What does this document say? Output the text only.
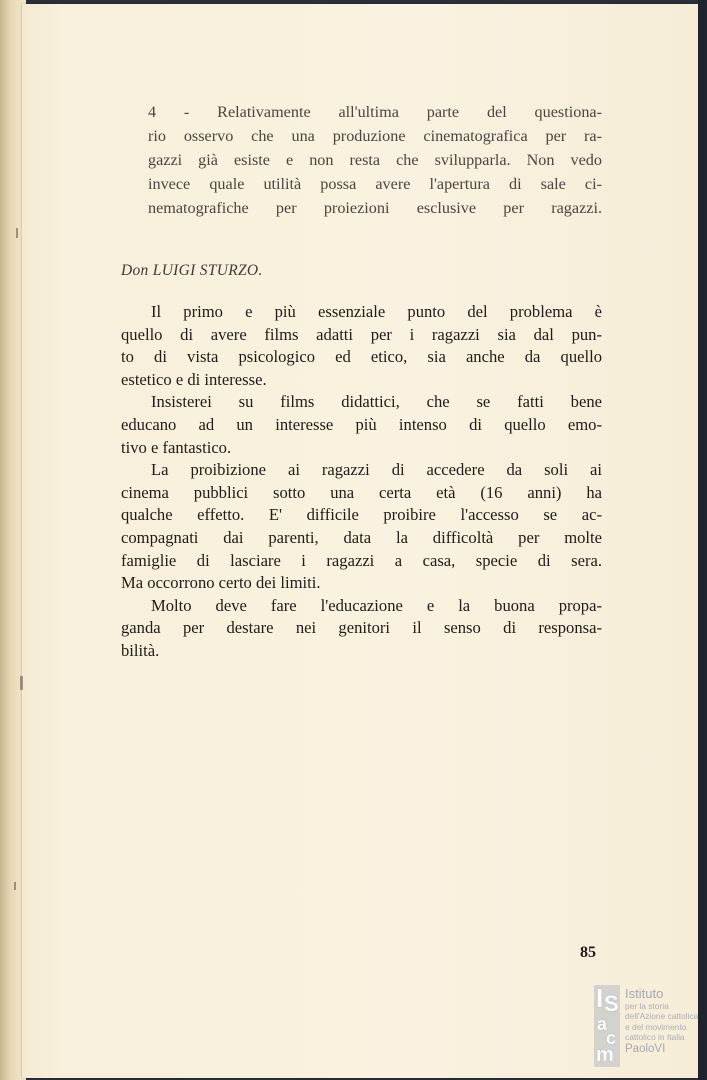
4 - Relativamente all'ultima parte del questiona-
rio osservo che una produzione cinematografica per ra-
gazzi già esiste e non resta che svilupparla. Non vedo
invece quale utilità possa avere l'apertura di sale ci-
nematografiche per proiezioni esclusive per ragazzi.
Don LUIGI STURZO.
Il primo e più essenziale punto del problema è
quello di avere films adatti per i ragazzi sia dal pun-
to di vista psicologico ed etico, sia anche da quello
estetico e di interesse.
Insisterei su films didattici, che se fatti bene
educano ad un interesse più intenso di quello emo-
tivo e fantastico.
La proibizione ai ragazzi di accedere da soli ai
cinema pubblici sotto una certa età (16 anni) ha
qualche effetto. E' difficile proibire l'accesso se ac-
compagnati dai parenti, data la difficoltà per molte
famiglie di lasciare i ragazzi a casa, specie di sera.
Ma occorrono certo dei limiti.
Molto deve fare l'educazione e la buona propa-
ganda per destare nei genitori il senso di responsa-
bilità.
85
I S
a
c
m
Istituto
per la storia
dell'Azione cattolica
e del movimento
cattolico in Italia
PaoloVI
